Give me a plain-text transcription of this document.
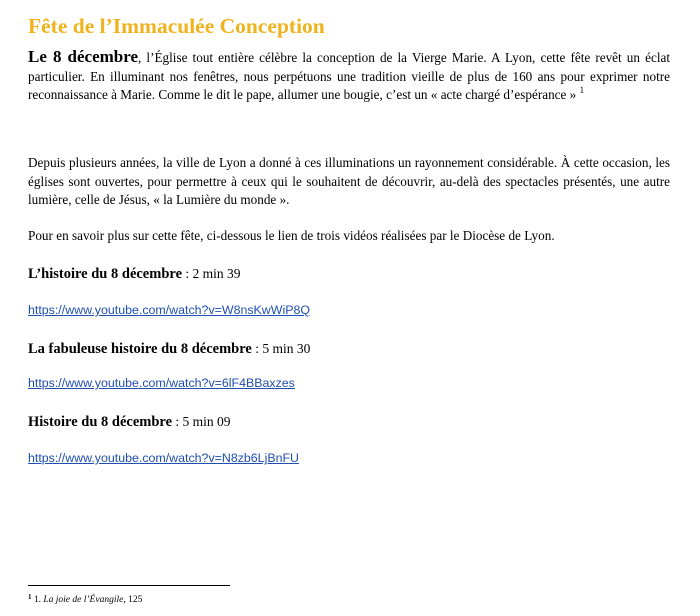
Fête de l’Immaculée Conception

Le 8 décembre, l’Église tout entière célèbre la conception de la Vierge Marie. A Lyon, cette fête revêt un éclat particulier. En illuminant nos fenêtres, nous perpétuons une tradition vieille de plus de 160 ans pour exprimer notre reconnaissance à Marie. Comme le dit le pape, allumer une bougie, c’est un « acte chargé d’espérance » $^1$

Depuis plusieurs années, la ville de Lyon a donné à ces illuminations un rayonnement considérable. À cette occasion, les églises sont ouvertes, pour permettre à ceux qui le souhaitent de découvrir, au-delà des spectacles présentés, une autre lumière, celle de Jésus, « la Lumière du monde ».

Pour en savoir plus sur cette fête, ci-dessous le lien de trois vidéos réalisées par le Diocèse de Lyon.

L’histoire du 8 décembre : 2 min 39

https://www.youtube.com/watch?v=W8nsKwWiP8Q

La fabuleuse histoire du 8 décembre : 5 min 30

https://www.youtube.com/watch?v=6lF4BBaxzes

Histoire du 8 décembre : 5 min 09

https://www.youtube.com/watch?v=N8zb6LjBnFU

$^1$ 1. La joie de l’Évangile, 125
